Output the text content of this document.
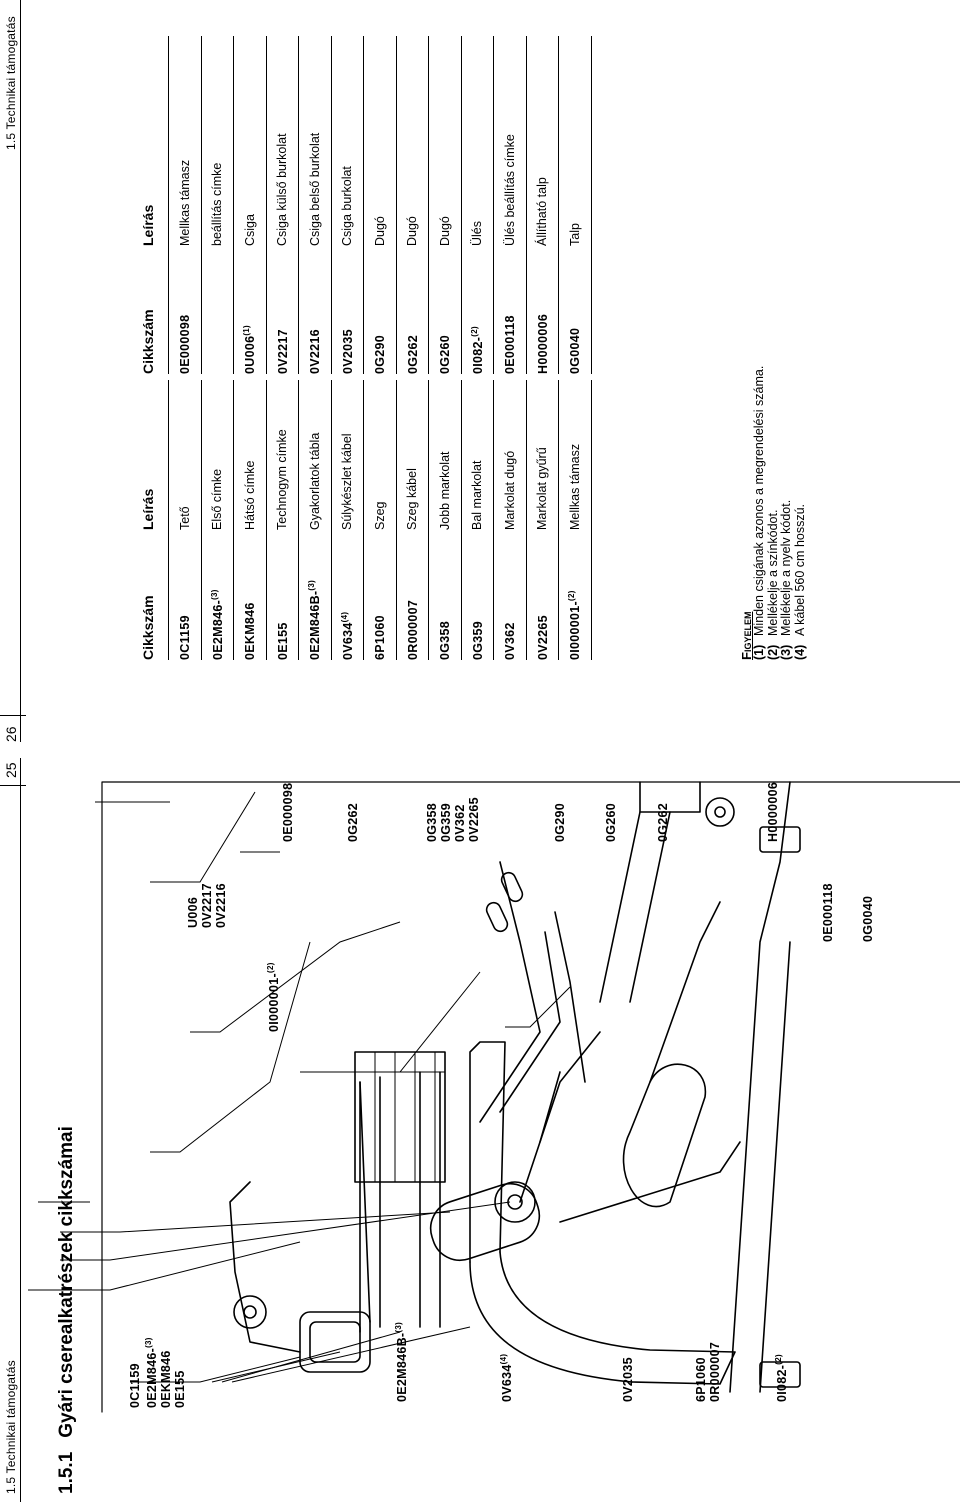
1.5 Technikai támogatás
25
1.5.1Gyári cserealkatrészek cikkszámai	0C1159 0E2M846-$^{(3)}$
0EKM846 0E155	0E2M846B-$^{(3)}$
0V634$^{(4)}$	0V2035	6P1060 0R000007	0I082-$^{(2)}$
U006 0V2217 0V2216
0I000001-$^{(2)}$
0E000098	0G262	0G358 0G359 0V362 0V2265	0G290	0G260	0G262	H0000006
0E000118 0G0040
26
1.5 Technikai támogatás
Cikkszám	Leírás		Cikkszám	Leírás
0C1159	Tető		0E000098	Mellkas támasz
0E2M846-$^{(3)}$	Első címke			beállítás címke
0EKM846	Hátsó címke		0U006$^{(1)}$	Csiga
0E155	Technogym címke		0V2217	Csiga külső burkolat
0E2M846B-$^{(3)}$	Gyakorlatok tábla		0V2216	Csiga belső burkolat
0V634$^{(4)}$	Súlykészlet kábel		0V2035	Csiga burkolat
6P1060	Szeg		0G290	Dugó
0R000007	Szeg kábel		0G262	Dugó
0G358	Jobb markolat		0G260	Dugó
0G359	Bal markolat		0I082-$^{(2)}$	Ülés
0V362	Markolat dugó		0E000118	Ülés beállítás címke
0V2265	Markolat gyűrű		H0000006	Állítható talp
0I000001-$^{(2)}$	Mellkas támasz		0G0040	Talp
Figyelem
(1)Minden csigának azonos a megrendelési száma.
(2)Mellékelje a színkódot.
(3)Mellékelje a nyelv kódot.
(4)A kábel 560 cm hosszú.
